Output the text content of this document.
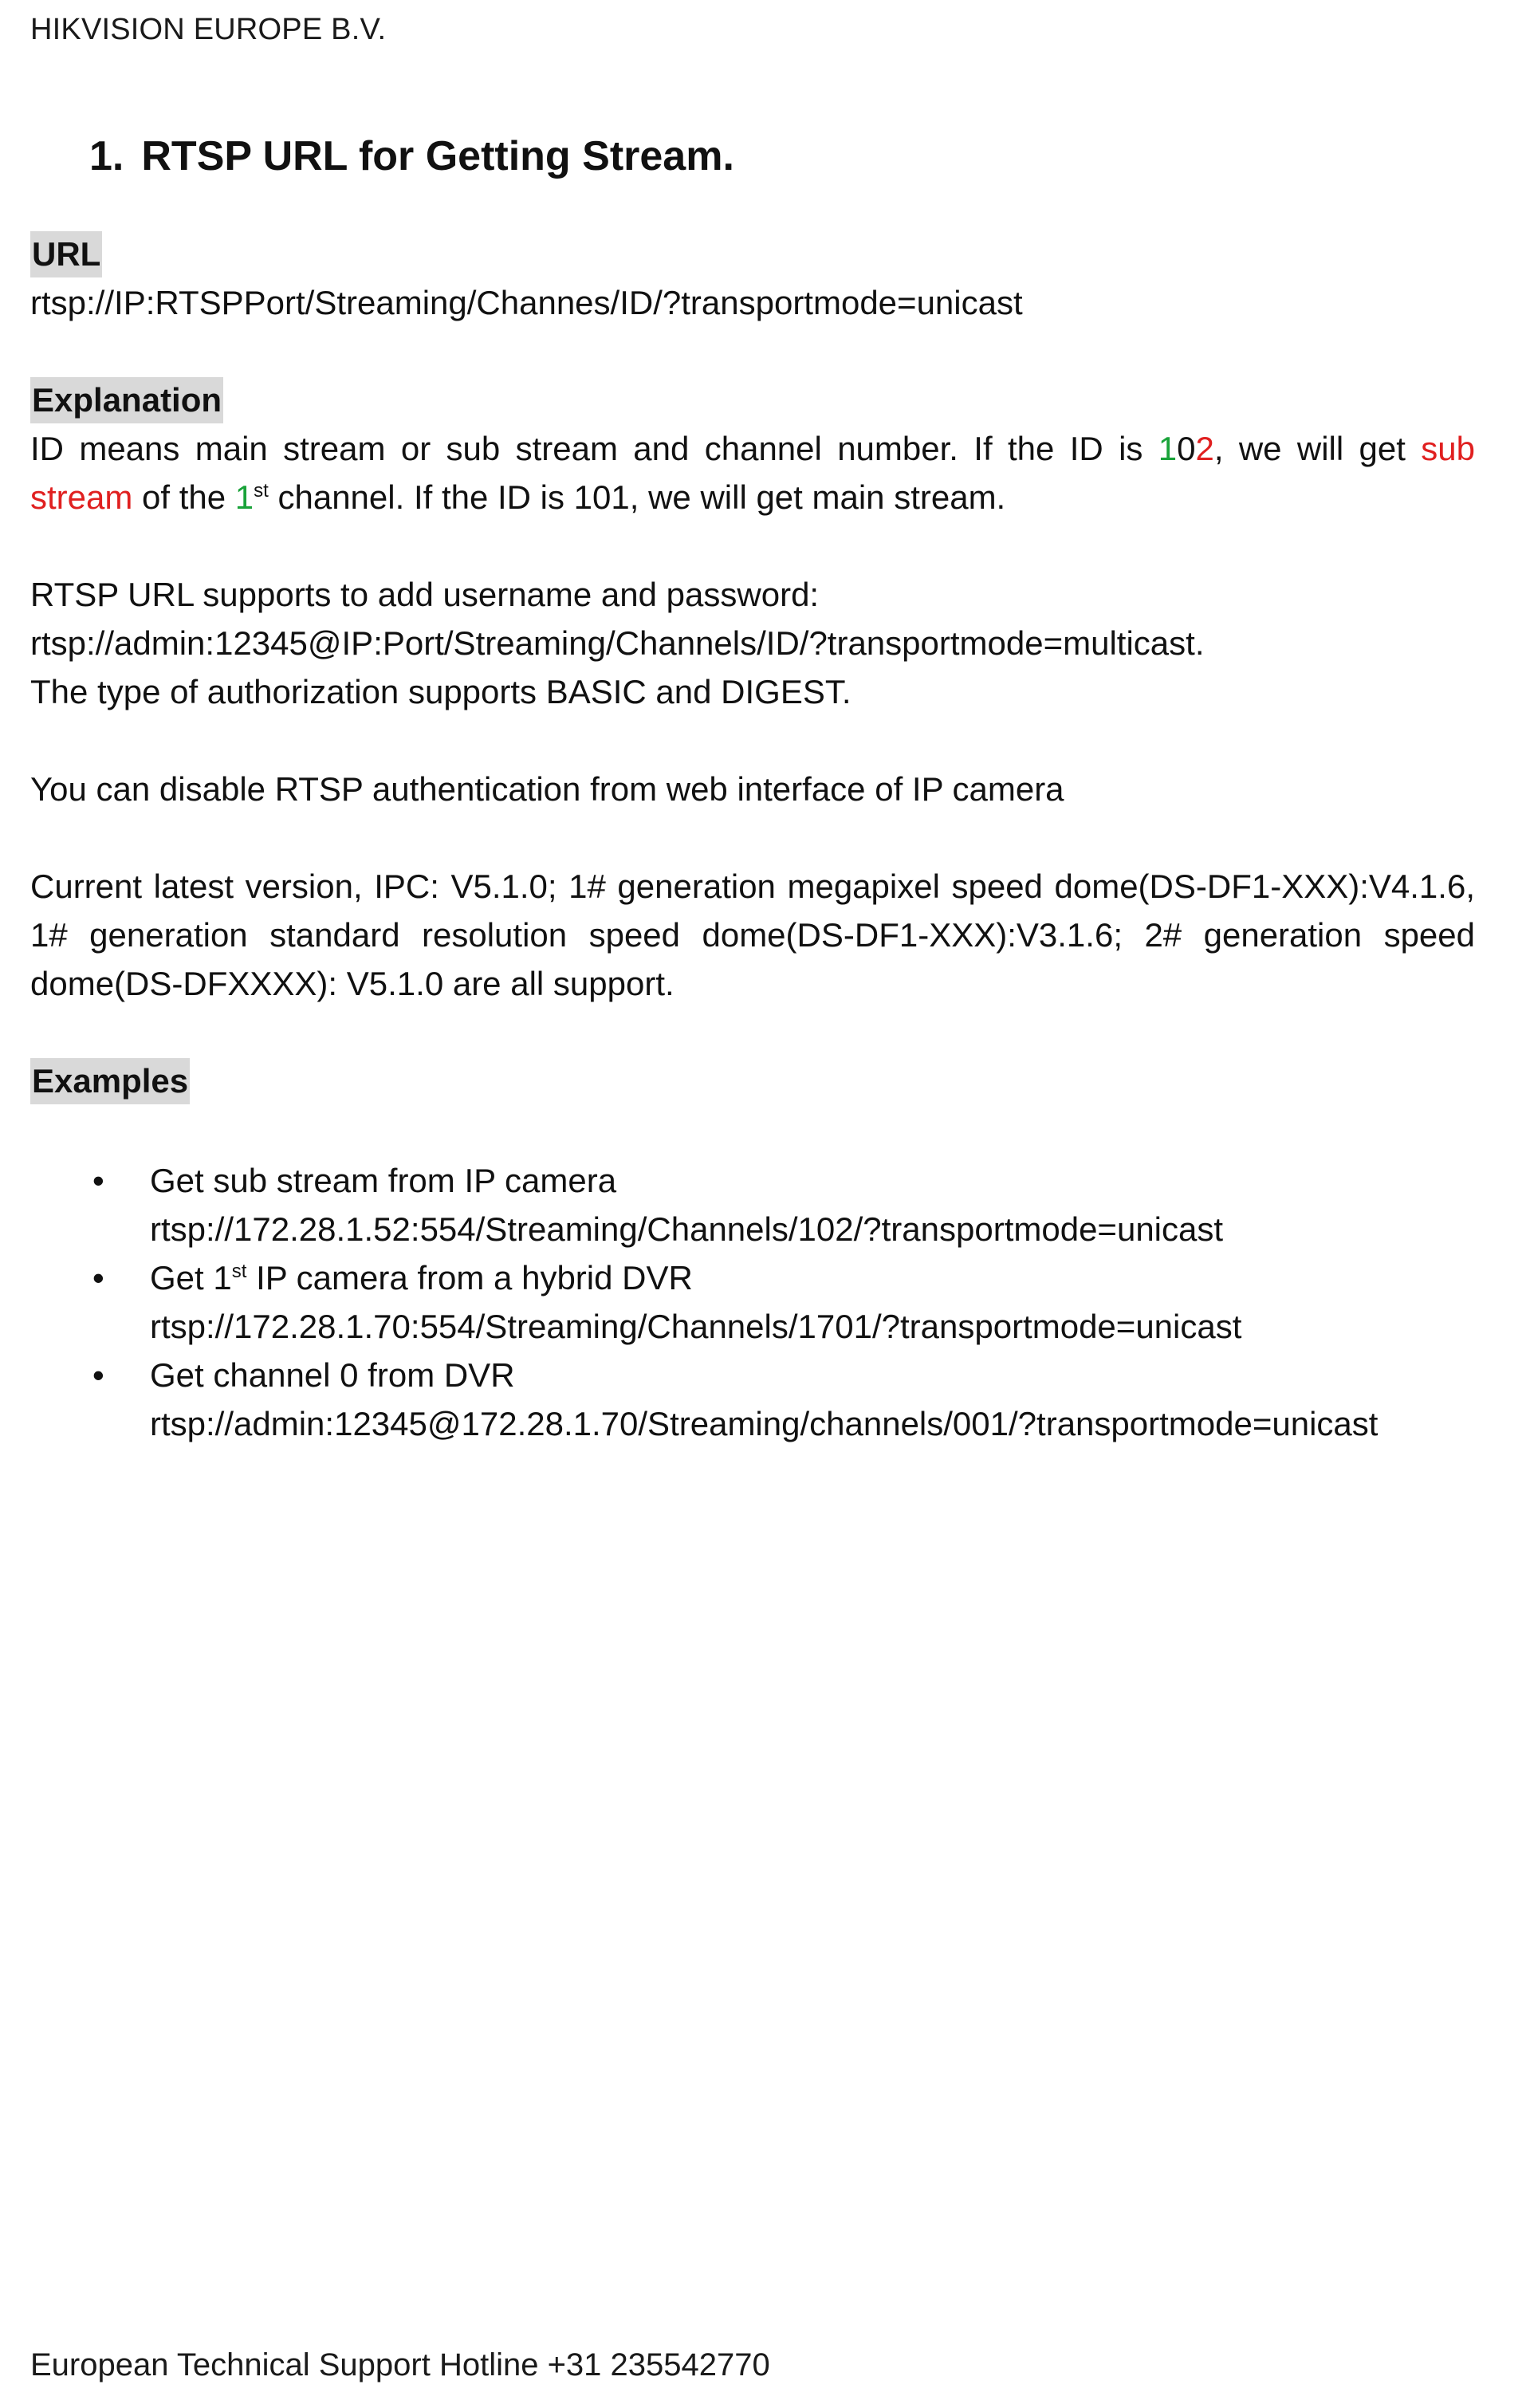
HIKVISION EUROPE B.V.
1. RTSP URL for Getting Stream.

URL

rtsp://IP:RTSPPort/Streaming/Channes/ID/?transportmode=unicast

Explanation

ID means main stream or sub stream and channel number. If the ID is 102, we will get sub stream of the 1st channel. If the ID is 101, we will get main stream.

RTSP URL supports to add username and password:

rtsp://admin:12345@IP:Port/Streaming/Channels/ID/?transportmode=multicast.

The type of authorization supports BASIC and DIGEST.

You can disable RTSP authentication from web interface of IP camera

Current latest version, IPC: V5.1.0; 1# generation megapixel speed dome(DS-DF1-XXX):V4.1.6, 1# generation standard resolution speed dome(DS-DF1-XXX):V3.1.6; 2# generation speed dome(DS-DFXXXX): V5.1.0 are all support.

Examples

• Get sub stream from IP camera
rtsp://172.28.1.52:554/Streaming/Channels/102/?transportmode=unicast
• Get 1st IP camera from a hybrid DVR
rtsp://172.28.1.70:554/Streaming/Channels/1701/?transportmode=unicast
• Get channel 0 from DVR
rtsp://admin:12345@172.28.1.70/Streaming/channels/001/?transportmode=unicast
European Technical Support Hotline +31 235542770
